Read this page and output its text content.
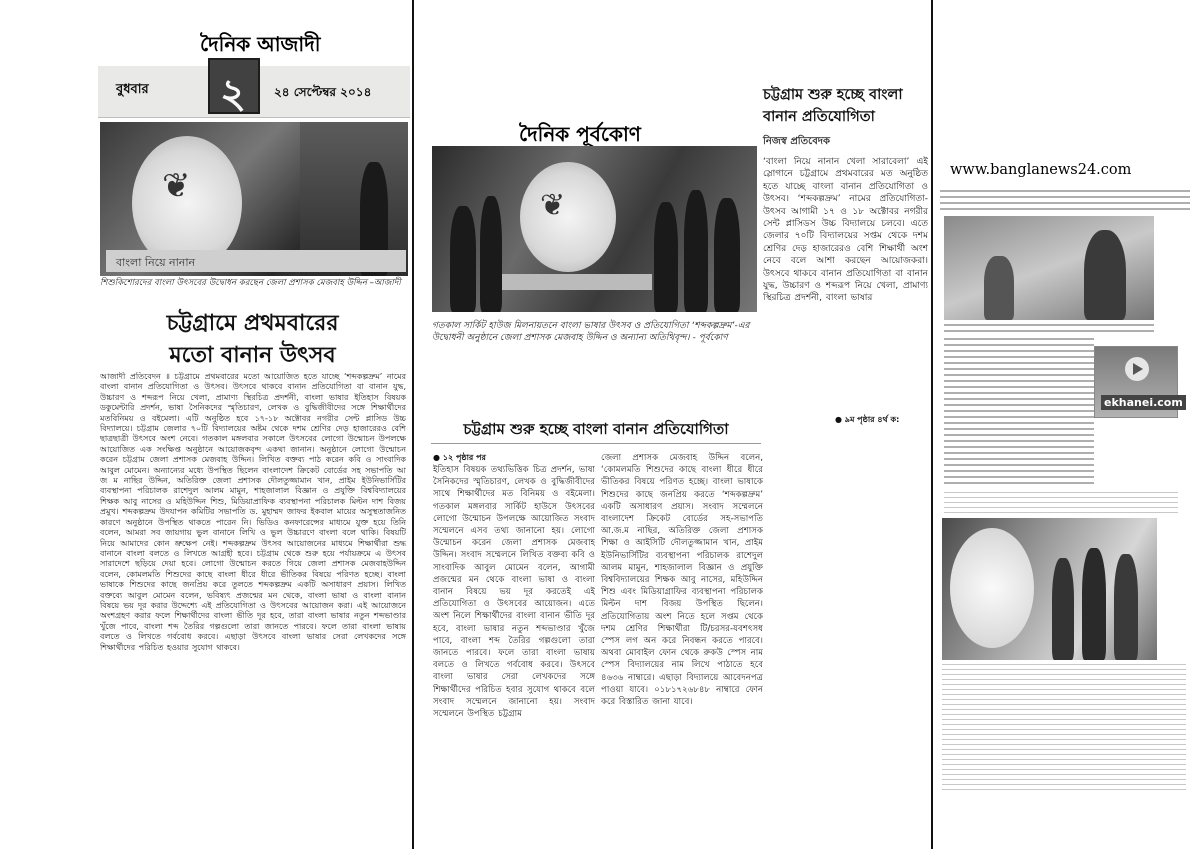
দৈনিক আজাদী
বুধবার ২ ২৪ সেপ্টেম্বর ২০১৪
❦
বাংলা নিয়ে নানান
শিশুকিশোরদের বাংলা উৎসবের উদ্বোধন করছেন জেলা প্রশাসক মেজবাহ উদ্দিন –আজাদী
চট্টগ্রামে প্রথমবারের
মতো বানান উৎসব
আজাদী প্রতিবেদন ॥ চট্টগ্রামে প্রথমবারের মতো আয়োজিত হতে যাচ্ছে ‘শব্দকল্পদ্রুম’ নামের বাংলা বানান প্রতিযোগিতা ও উৎসব। উৎসবে থাকবে বানান প্রতিযোগিতা বা বানান যুদ্ধ, উচ্চারণ ও শব্দরূপ নিয়ে খেলা, প্রামাণ্য স্থিরচিত্র প্রদর্শনী, বাংলা ভাষার ইতিহাস বিষয়ক ডকুমেন্টারি প্রদর্শন, ভাষা সৈনিকদের স্মৃতিচারণ, লেখক ও বুদ্ধিজীবীদের সঙ্গে শিক্ষার্থীদের মতবিনিময় ও বইমেলা। এটি অনুষ্ঠিত হবে ১৭-১৮ অক্টোবর নগরীর সেন্ট প্লাসিড উচ্চ বিদ্যালয়ে। চট্টগ্রাম জেলার ৭০টি বিদ্যালয়ের অষ্টম থেকে দশম শ্রেণির দেড় হাজারেরও বেশি ছাত্রছাত্রী উৎসবে অংশ নেবে। গতকাল মঙ্গলবার সকালে উৎসবের লোগো উন্মোচন উপলক্ষে আয়োজিত এক সংক্ষিপ্ত অনুষ্ঠানে আয়োজকবৃন্দ একথা জানান। অনুষ্ঠানে লোগো উন্মোচন করেন চট্টগ্রাম জেলা প্রশাসক মেজবাহ উদ্দিন। লিখিত বক্তব্য পাঠ করেন কবি ও সাংবাদিক আবুল মোমেন। অন্যান্যের মধ্যে উপস্থিত ছিলেন বাংলাদেশ ক্রিকেট বোর্ডের সহ সভাপতি আ জ ম নাছির উদ্দিন, অতিরিক্ত জেলা প্রশাসক দৌলতুজ্জামান খান, প্রাইম ইউনিভার্সিটির ব্যবস্থাপনা পরিচালক রাশেদুল আলম মামুন, শাহজালাল বিজ্ঞান ও প্রযুক্তি বিশ্ববিদ্যালয়ের শিক্ষক আবু নাসের ও মহিউদ্দিন শিশু, মিডিয়াপ্রাফিক ব্যবস্থাপনা পরিচালক মিল্টন দাশ বিজয় প্রমুখ। শব্দকল্পদ্রুম উদযাপন কমিটির সভাপতি ড. মুহাম্মদ জাফর ইকবাল মায়ের অসুস্থতাজনিত কারণে অনুষ্ঠানে উপস্থিত থাকতে পারেন নি। ভিডিও কনফারেন্সের মাধ্যমে যুক্ত হয়ে তিনি বলেন, আমরা সব জায়গায় ভুল বানানে লিখি ও ভুল উচ্চারণে বাংলা বলে থাকি। বিষয়টি নিয়ে আমাদের কোন ভ্রুক্ষেপ নেই। শব্দকল্পদ্রুম উৎসব আয়োজনের মাধ্যমে শিক্ষার্থীরা শুদ্ধ বানানে বাংলা বলতে ও লিখতে আগ্রহী হবে। চট্টগ্রাম থেকে শুরু হয়ে পর্যায়ক্রমে এ উৎসব সারাদেশে ছড়িয়ে দেয়া হবে। লোগো উন্মোচন করতে গিয়ে জেলা প্রশাসক মেজবাহউদ্দিন বলেন, কোমলমতি শিশুদের কাছে বাংলা ধীরে ধীরে ভীতিকর বিষয়ে পরিণত হচ্ছে। বাংলা ভাষাকে শিশুদের কাছে জনপ্রিয় করে তুলতে শব্দকল্পদ্রুম একটি অসাধারণ প্রয়াস। লিখিত বক্তব্যে আবুল মোমেন বলেন, ভবিষ্যৎ প্রজন্মের মন থেকে, বাংলা ভাষা ও বাংলা বানান বিষয়ে ভয় দূর করার উদ্দেশ্যে এই প্রতিযোগিতা ও উৎসবের আয়োজন করা। এই আয়োজনে অংশগ্রহণ করার ফলে শিক্ষার্থীদের বাংলা ভীতি দূর হবে, তারা বাংলা ভাষার নতুন শব্দভাণ্ডার খুঁজে পাবে, বাংলা শব্দ তৈরির গল্পগুলো তারা জানতে পারবে। ফলে তারা বাংলা ভাষায় বলতে ও লিখতে গর্ববোধ করবে। এছাড়া উৎসবে বাংলা ভাষার সেরা লেখকদের সঙ্গে শিক্ষার্থীদের পরিচিত হওয়ার সুযোগ থাকবে।
চট্টগ্রাম শুরু হচ্ছে বাংলা বানান প্রতিযোগিতা
নিজস্ব প্রতিবেদক
‘বাংলা নিয়ে নানান খেলা সারাবেলা’ এই স্লোগানে চট্টগ্রামে প্রথমবারের মত অনুষ্ঠিত হতে যাচ্ছে বাংলা বানান প্রতিযোগিতা ও উৎসব। ‘শব্দকল্পদ্রুম’ নামের প্রতিযোগিতা-উৎসব আগামী ১৭ ও ১৮ অক্টোবর নগরীর সেন্ট প্লাসিডস উচ্চ বিদ্যালয়ে চলবে। এতে জেলার ৭০টি বিদ্যালয়ের সপ্তম থেকে দশম শ্রেণির দেড় হাজারেরও বেশি শিক্ষার্থী অংশ নেবে বলে আশা করছেন আয়োজকরা। উৎসবে থাকবে বানান প্রতিযোগিতা বা বানান যুদ্ধ, উচ্চারণ ও শব্দরূপ নিয়ে খেলা, প্রামাণ্য স্থিরচিত্র প্রদর্শনী, বাংলা ভাষার
● ৯ম পৃষ্ঠার ৪র্থ ক:
দৈনিক পূর্বকোণ
❦
গতকাল সার্কিট হাউজ মিলনায়তনে বাংলা ভাষার উৎসব ও প্রতিযোগিতা ‘শব্দকল্পদ্রুম’-এর উদ্বোধনী অনুষ্ঠানে জেলা প্রশাসক মেজবাহ উদ্দিন ও অন্যান্য অতিথিবৃন্দ। - পূর্বকোণ
চট্টগ্রাম শুরু হচ্ছে বাংলা বানান প্রতিযোগিতা
● ১২ পৃষ্ঠার পর
ইতিহাস বিষয়ক তথ্যভিত্তিক চিত্র প্রদর্শন, ভাষা সৈনিকদের স্মৃতিচারণ, লেখক ও বুদ্ধিজীবীদের সাথে শিক্ষার্থীদের মত বিনিময় ও বইমেলা। গতকাল মঙ্গলবার সার্কিট হাউসে উৎসবের লোগো উন্মোচন উপলক্ষে আয়োজিত সংবাদ সম্মেলনে এসব তথ্য জানানো হয়। লোগো উন্মোচন করেন জেলা প্রশাসক মেজবাহ উদ্দিন। সংবাদ সম্মেলনে লিখিত বক্তব্য কবি ও সাংবাদিক আবুল মোমেন বলেন, আগামী প্রজন্মের মন থেকে বাংলা ভাষা ও বাংলা বানান বিষয়ে ভয় দূর করতেই এই প্রতিযোগিতা ও উৎসবের আয়োজন। এতে অংশ নিলে শিক্ষার্থীদের বাংলা বানান ভীতি দূর হবে, বাংলা ভাষার নতুন শব্দভাণ্ডার খুঁজে পাবে, বাংলা শব্দ তৈরির গল্পগুলো তারা জানতে পারবে। ফলে তারা বাংলা ভাষায় বলতে ও লিখতে গর্ববোধ করবে। উৎসবে বাংলা ভাষার সেরা লেখকদের সঙ্গে শিক্ষার্থীদের পরিচিত হবার সুযোগ থাকবে বলে সংবাদ সম্মেলনে জানানো হয়। সংবাদ সম্মেলনে উপস্থিত চট্টগ্রাম
জেলা প্রশাসক মেজবাহ উদ্দিন বলেন, ‘কোমলমতি শিশুদের কাছে বাংলা ধীরে ধীরে ভীতিকর বিষয়ে পরিণত হচ্ছে। বাংলা ভাষাকে শিশুদের কাছে জনপ্রিয় করতে ‘শব্দকল্পদ্রুম’ একটি অসাধারণ প্রয়াস। সংবাদ সম্মেলনে বাংলাদেশ ক্রিকেট বোর্ডের সহ-সভাপতি আ.জ.ম নাছির, অতিরিক্ত জেলা প্রশাসক শিক্ষা ও আইসিটি দৌলতুজ্জামান খান, প্রাইম ইউনিভার্সিটির ব্যবস্থাপনা পরিচালক রাশেদুল আলম মামুন, শাহজালাল বিজ্ঞান ও প্রযুক্তি বিশ্ববিদ্যালয়ের শিক্ষক আবু নাসের, মহিউদ্দিন শিশু এবং মিডিয়াগ্রাফির ব্যবস্থাপনা পরিচালক মিল্টন দাশ বিজয় উপস্থিত ছিলেন। প্রতিযোগিতায় অংশ নিতে হলে সপ্তম থেকে দশম শ্রেণির শিক্ষার্থীরা টি/চরসর-যবশৎসধ স্পেস লগ অন করে নিবন্ধন করতে পারবে। অথবা মোবাইল ফোন থেকে রুকউ স্পেস নাম স্পেস বিদ্যালয়ের নাম লিখে পাঠাতে হবে ৪৬৩৬ নাম্বারে। এছাড়া বিদ্যালয়ে আবেদনপত্র পাওয়া যাবে। ০১৮১৭২৬৮৪৮ নাম্বারে ফোন করে বিস্তারিত জানা যাবে।
www.banglanews24.com
ekhanei.com
